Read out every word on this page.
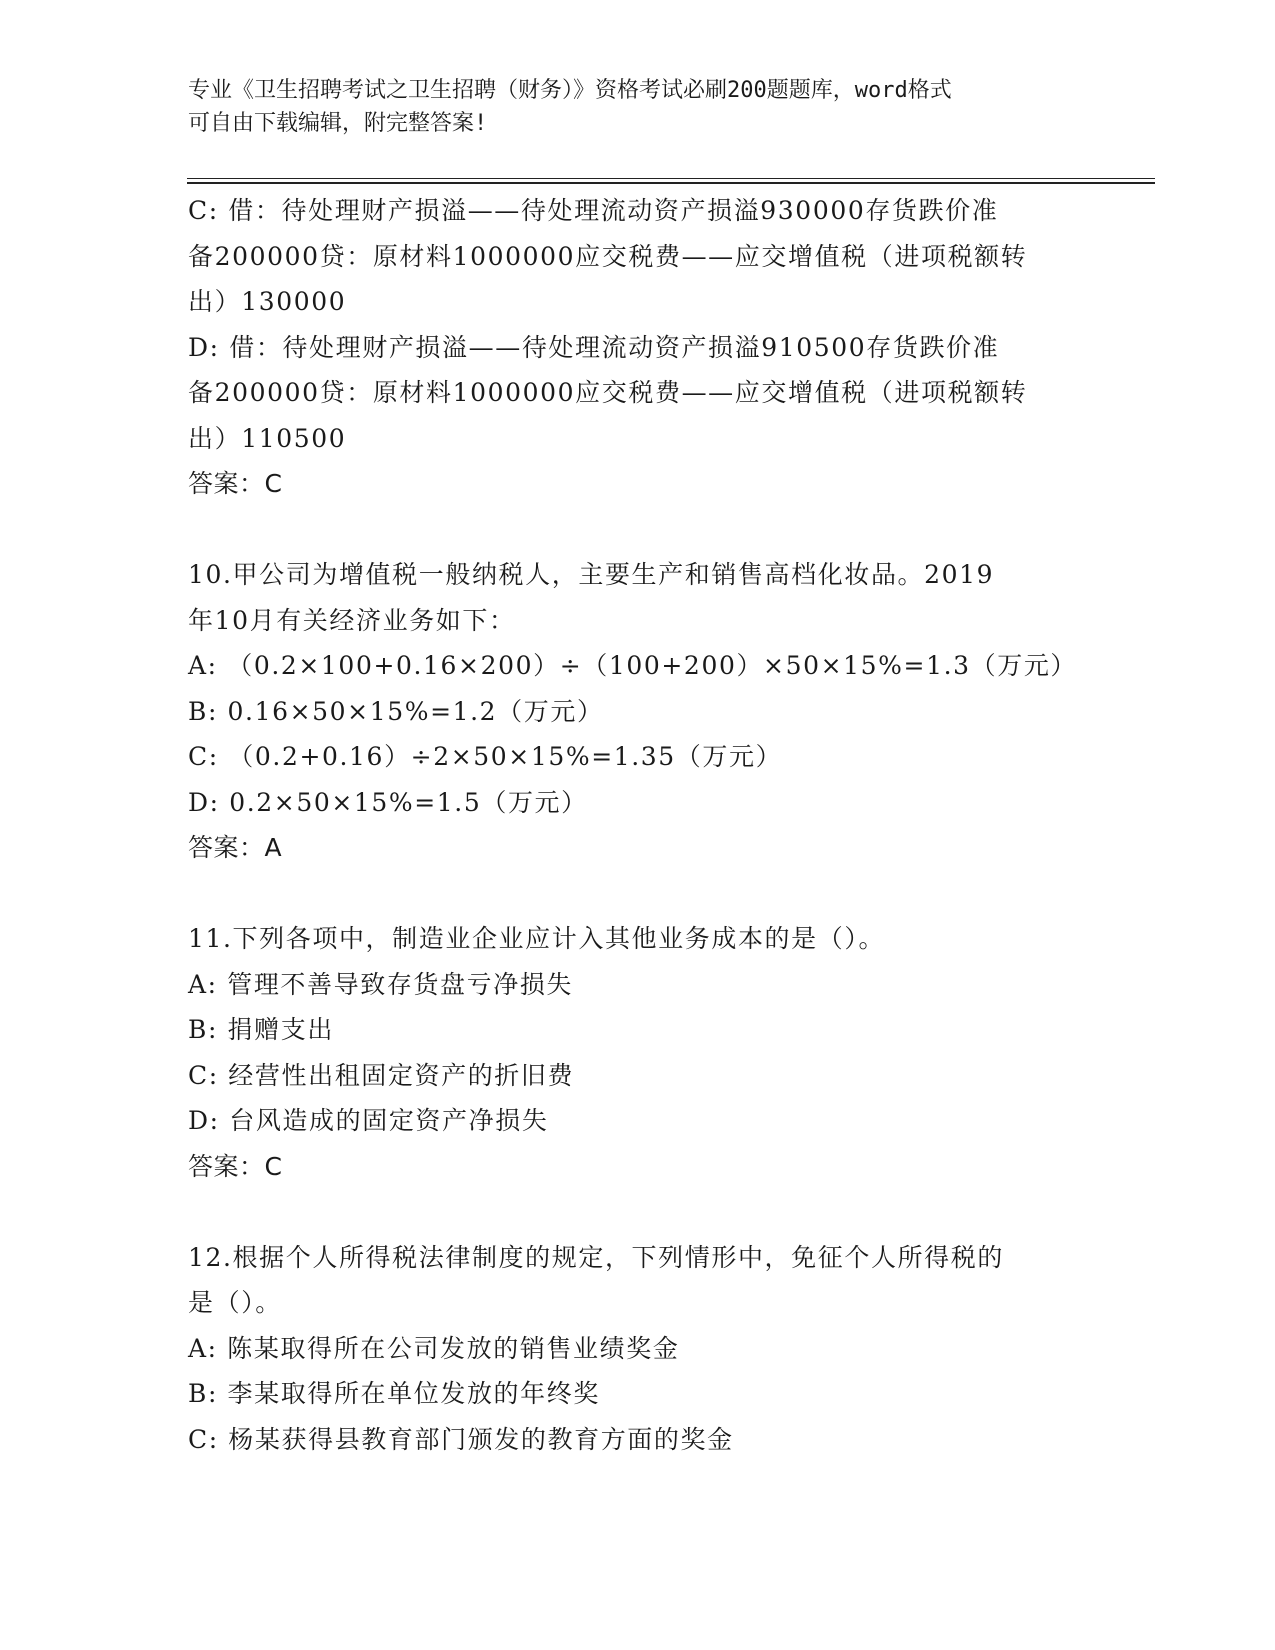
专业《卫生招聘考试之卫生招聘（财务）》资格考试必刷200题题库，word格式
可自由下载编辑，附完整答案!
C: 借：待处理财产损溢——待处理流动资产损溢930000存货跌价准
备200000贷：原材料1000000应交税费——应交增值税（进项税额转
出）130000
D: 借：待处理财产损溢——待处理流动资产损溢910500存货跌价准
备200000贷：原材料1000000应交税费——应交增值税（进项税额转
出）110500
答案：C
10.甲公司为增值税一般纳税人，主要生产和销售高档化妆品。2019
年10月有关经济业务如下：
A: （0.2×100+0.16×200）÷（100+200）×50×15%=1.3（万元）
B: 0.16×50×15%=1.2（万元）
C: （0.2+0.16）÷2×50×15%=1.35（万元）
D: 0.2×50×15%=1.5（万元）
答案：A
11.下列各项中，制造业企业应计入其他业务成本的是（）。
A: 管理不善导致存货盘亏净损失
B: 捐赠支出
C: 经营性出租固定资产的折旧费
D: 台风造成的固定资产净损失
答案：C
12.根据个人所得税法律制度的规定，下列情形中，免征个人所得税的
是（）。
A: 陈某取得所在公司发放的销售业绩奖金
B: 李某取得所在单位发放的年终奖
C: 杨某获得县教育部门颁发的教育方面的奖金
